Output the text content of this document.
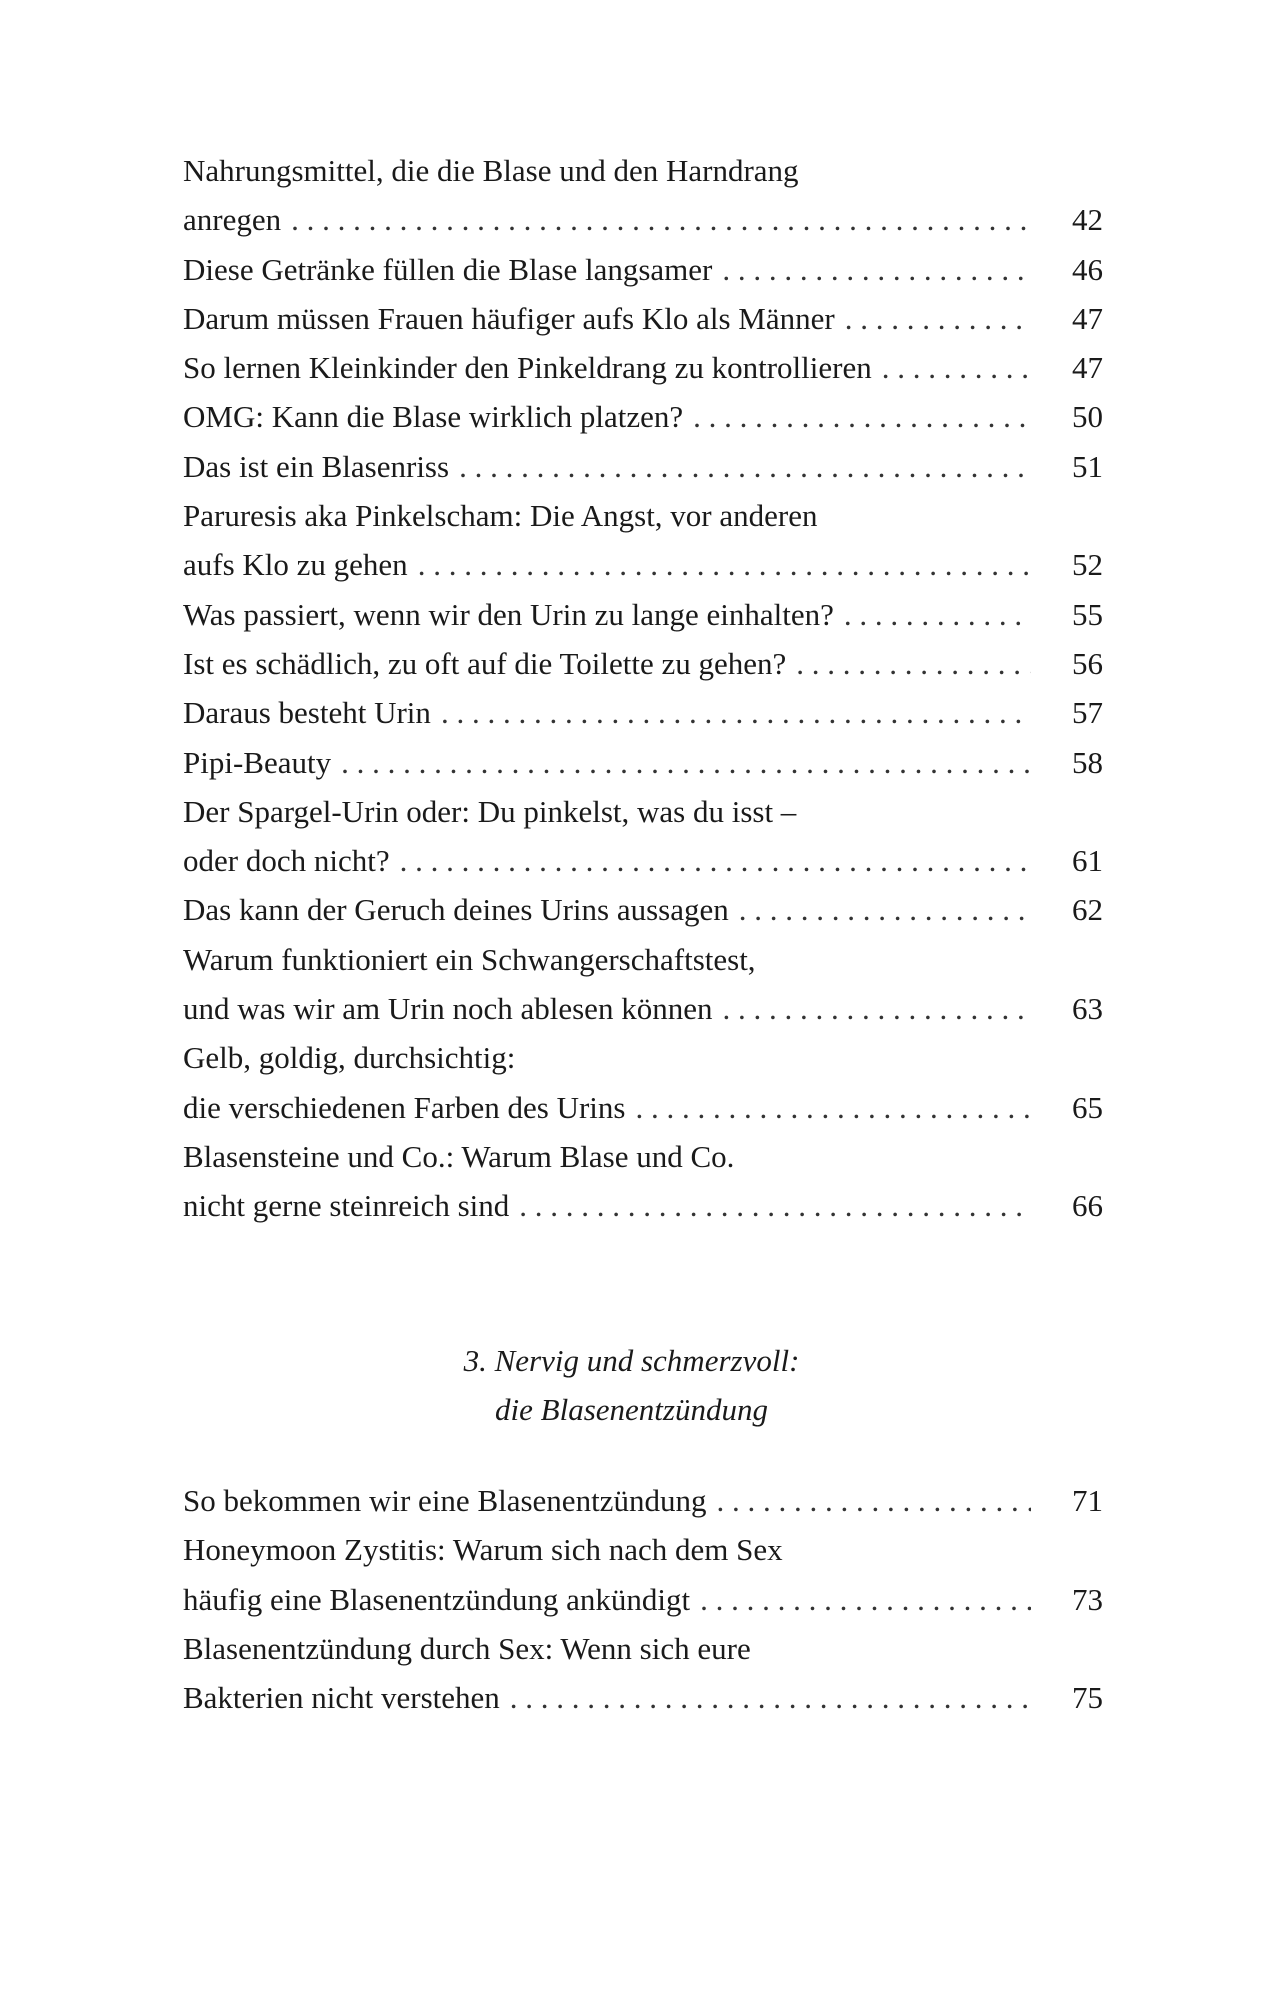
Nahrungsmittel, die die Blase und den Harndrang
anregen . . .	42
Diese Getränke füllen die Blase langsamer . . .	46
Darum müssen Frauen häufiger aufs Klo als Männer . . .	47
So lernen Kleinkinder den Pinkeldrang zu kontrollieren . . .	47
OMG: Kann die Blase wirklich platzen? . . .	50
Das ist ein Blasenriss . . .	51
Paruresis aka Pinkelscham: Die Angst, vor anderen
aufs Klo zu gehen . . .	52
Was passiert, wenn wir den Urin zu lange einhalten? . . .	55
Ist es schädlich, zu oft auf die Toilette zu gehen? . . .	56
Daraus besteht Urin . . .	57
Pipi-Beauty . . .	58
Der Spargel-Urin oder: Du pinkelst, was du isst –
oder doch nicht? . . .	61
Das kann der Geruch deines Urins aussagen . . .	62
Warum funktioniert ein Schwangerschaftstest,
und was wir am Urin noch ablesen können . . .	63
Gelb, goldig, durchsichtig:
die verschiedenen Farben des Urins . . .	65
Blasensteine und Co.: Warum Blase und Co.
nicht gerne steinreich sind . . .	66
3. Nervig und schmerzvoll:
die Blasenentzündung
So bekommen wir eine Blasenentzündung . . .	71
Honeymoon Zystitis: Warum sich nach dem Sex
häufig eine Blasenentzündung ankündigt . . .	73
Blasenentzündung durch Sex: Wenn sich eure
Bakterien nicht verstehen . . .	75
